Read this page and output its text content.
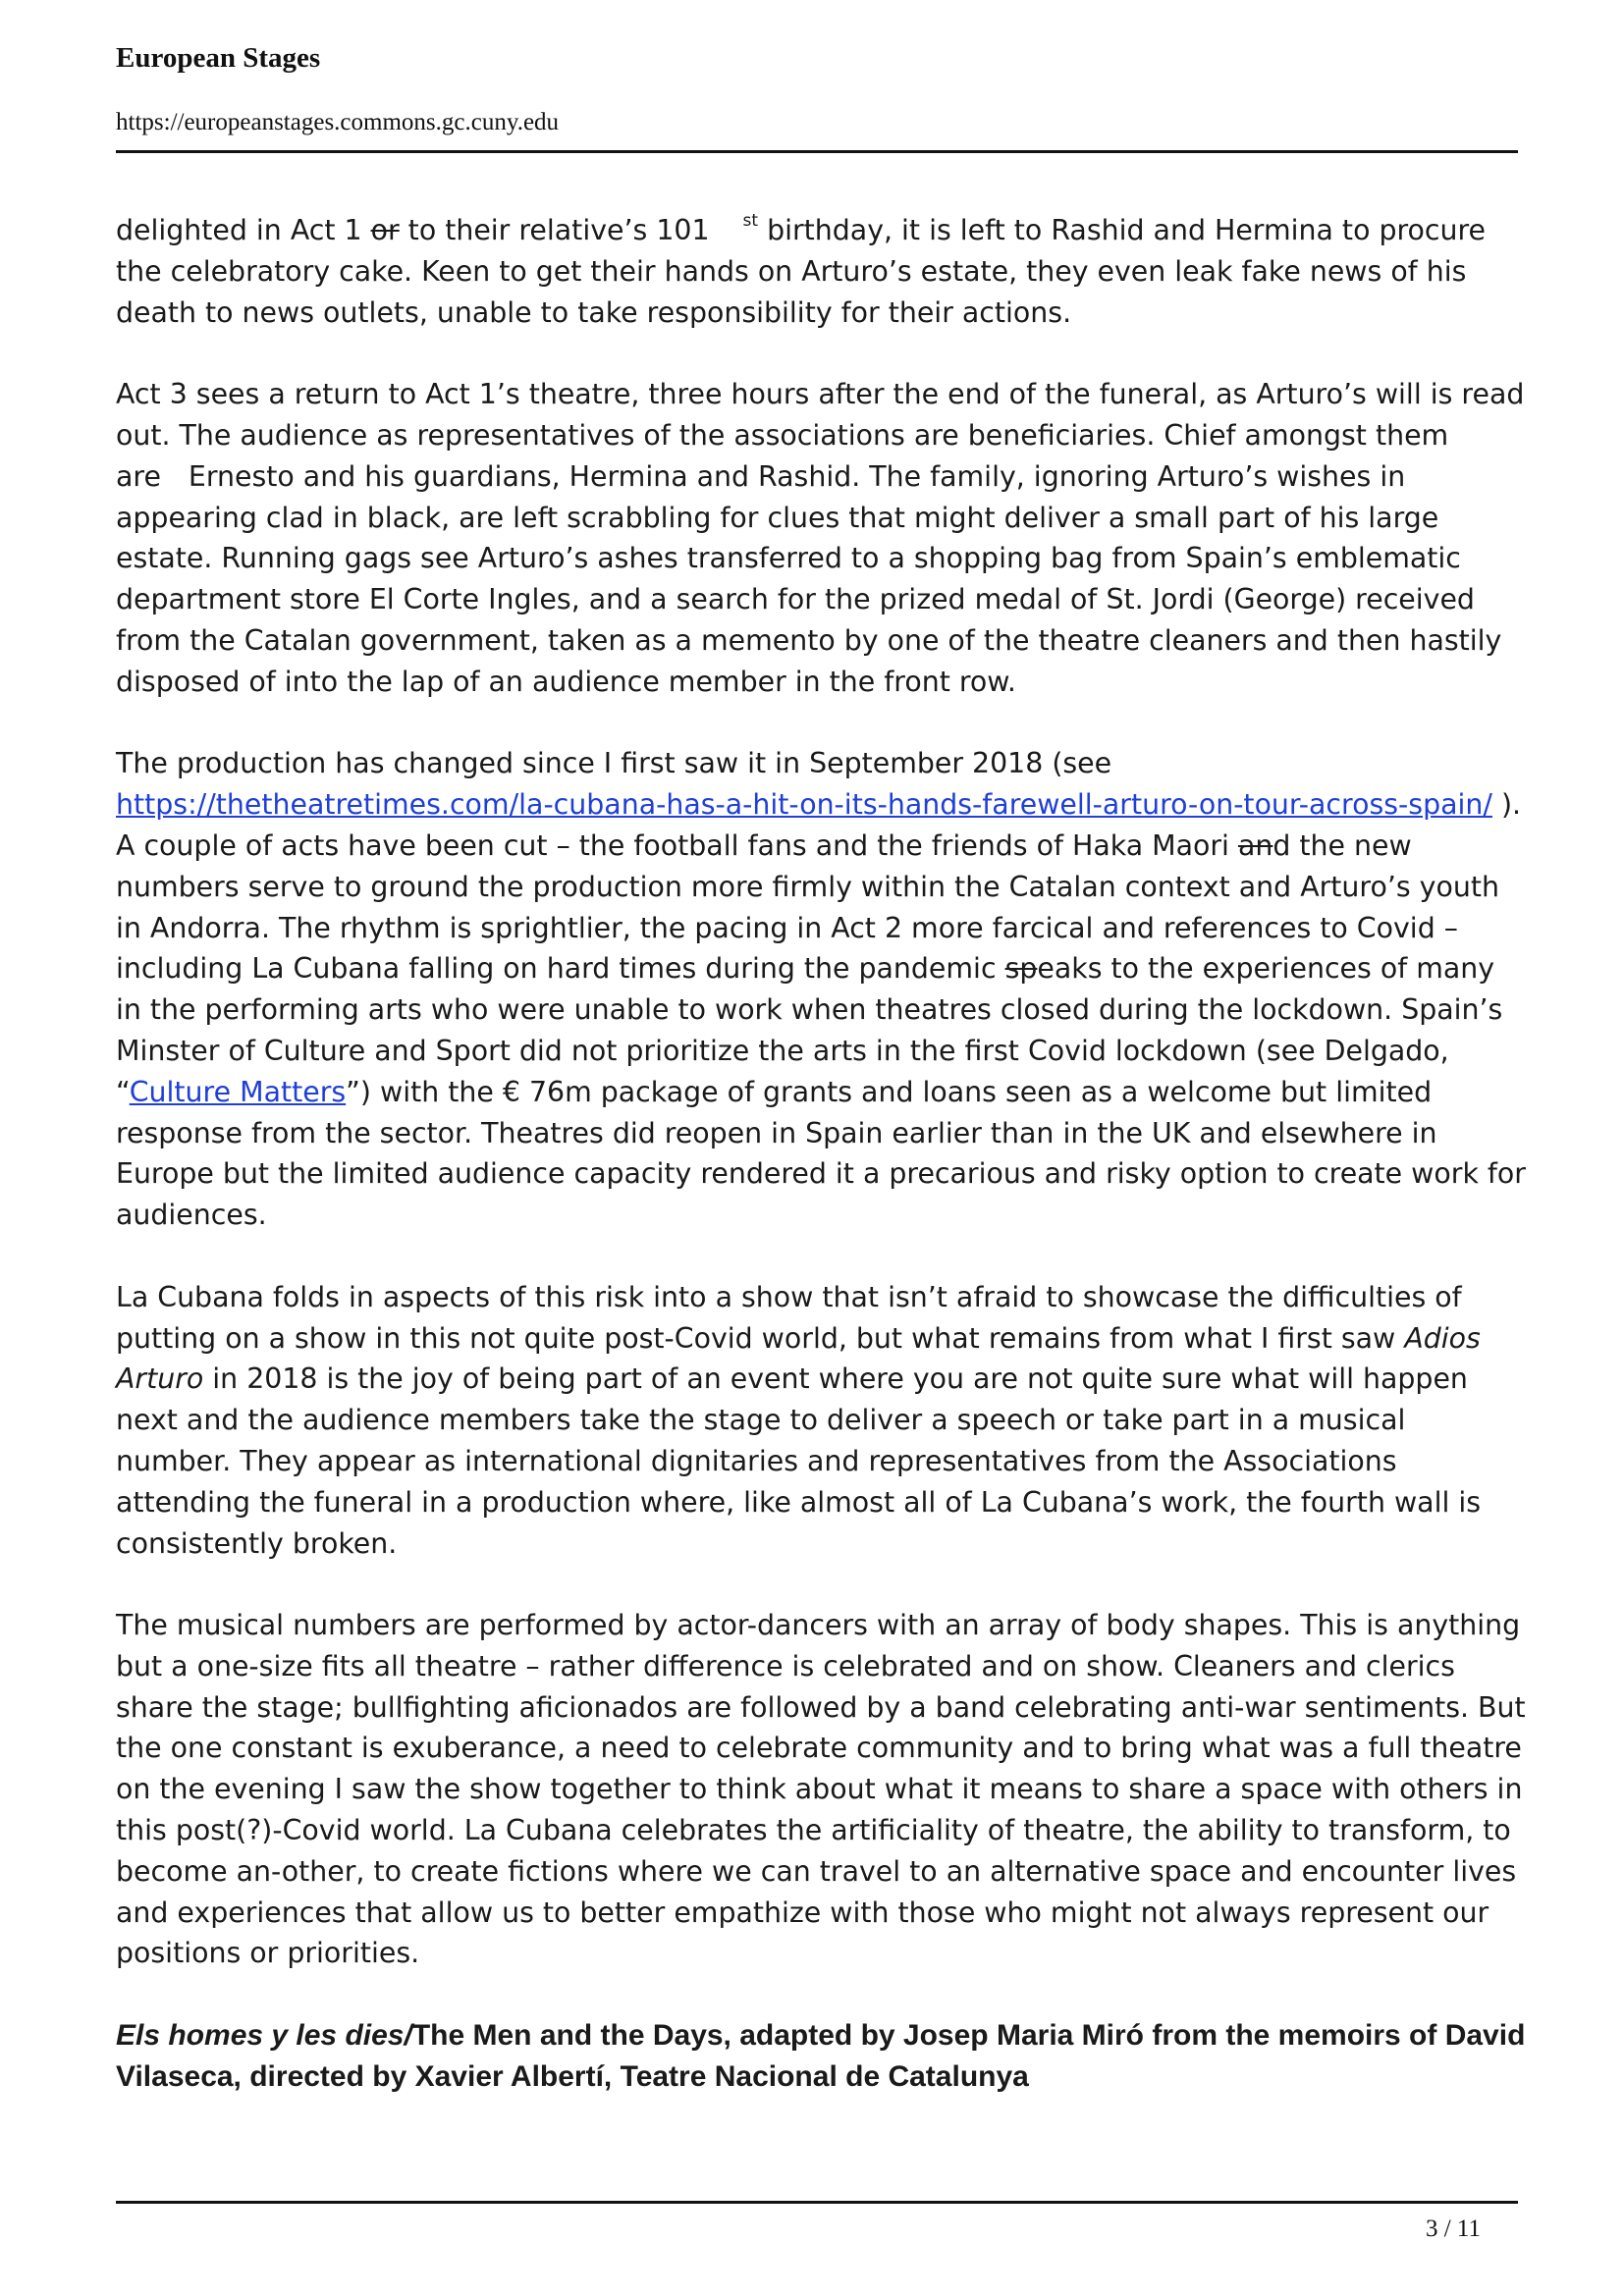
European Stages
https://europeanstages.commons.gc.cuny.edu

delighted in Act 1 or to their relative’s 101 $^{st}$ birthday, it is left to Rashid and Hermina to procure the celebratory cake. Keen to get their hands on Arturo’s estate, they even leak fake news of his death to news outlets, unable to take responsibility for their actions.

Act 3 sees a return to Act 1’s theatre, three hours after the end of the funeral, as Arturo’s will is read out. The audience as representatives of the associations are beneficiaries. Chief amongst them are Ernesto and his guardians, Hermina and Rashid. The family, ignoring Arturo’s wishes in appearing clad in black, are left scrabbling for clues that might deliver a small part of his large estate. Running gags see Arturo’s ashes transferred to a shopping bag from Spain’s emblematic department store El Corte Ingles, and a search for the prized medal of St. Jordi (George) received from the Catalan government, taken as a memento by one of the theatre cleaners and then hastily disposed of into the lap of an audience member in the front row.

The production has changed since I first saw it in September 2018 (see https://thetheatretimes.com/la-cubana-has-a-hit-on-its-hands-farewell-arturo-on-tour-across-spain/ ). A couple of acts have been cut – the football fans and the friends of Haka Maori and the new numbers serve to ground the production more firmly within the Catalan context and Arturo’s youth in Andorra. The rhythm is sprightlier, the pacing in Act 2 more farcical and references to Covid – including La Cubana falling on hard times during the pandemic speaks to the experiences of many in the performing arts who were unable to work when theatres closed during the lockdown. Spain’s Minster of Culture and Sport did not prioritize the arts in the first Covid lockdown (see Delgado, “Culture Matters”) with the € 76m package of grants and loans seen as a welcome but limited response from the sector. Theatres did reopen in Spain earlier than in the UK and elsewhere in Europe but the limited audience capacity rendered it a precarious and risky option to create work for audiences.

La Cubana folds in aspects of this risk into a show that isn’t afraid to showcase the difficulties of putting on a show in this not quite post-Covid world, but what remains from what I first saw Adios Arturo in 2018 is the joy of being part of an event where you are not quite sure what will happen next and the audience members take the stage to deliver a speech or take part in a musical number. They appear as international dignitaries and representatives from the Associations attending the funeral in a production where, like almost all of La Cubana’s work, the fourth wall is consistently broken.

The musical numbers are performed by actor-dancers with an array of body shapes. This is anything but a one-size fits all theatre – rather difference is celebrated and on show. Cleaners and clerics share the stage; bullfighting aficionados are followed by a band celebrating anti-war sentiments. But the one constant is exuberance, a need to celebrate community and to bring what was a full theatre on the evening I saw the show together to think about what it means to share a space with others in this post(?)-Covid world. La Cubana celebrates the artificiality of theatre, the ability to transform, to become an-other, to create fictions where we can travel to an alternative space and encounter lives and experiences that allow us to better empathize with those who might not always represent our positions or priorities.

Els homes y les dies/The Men and the Days, adapted by Josep Maria Miró from the memoirs of David Vilaseca, directed by Xavier Albertí, Teatre Nacional de Catalunya

3 / 11
